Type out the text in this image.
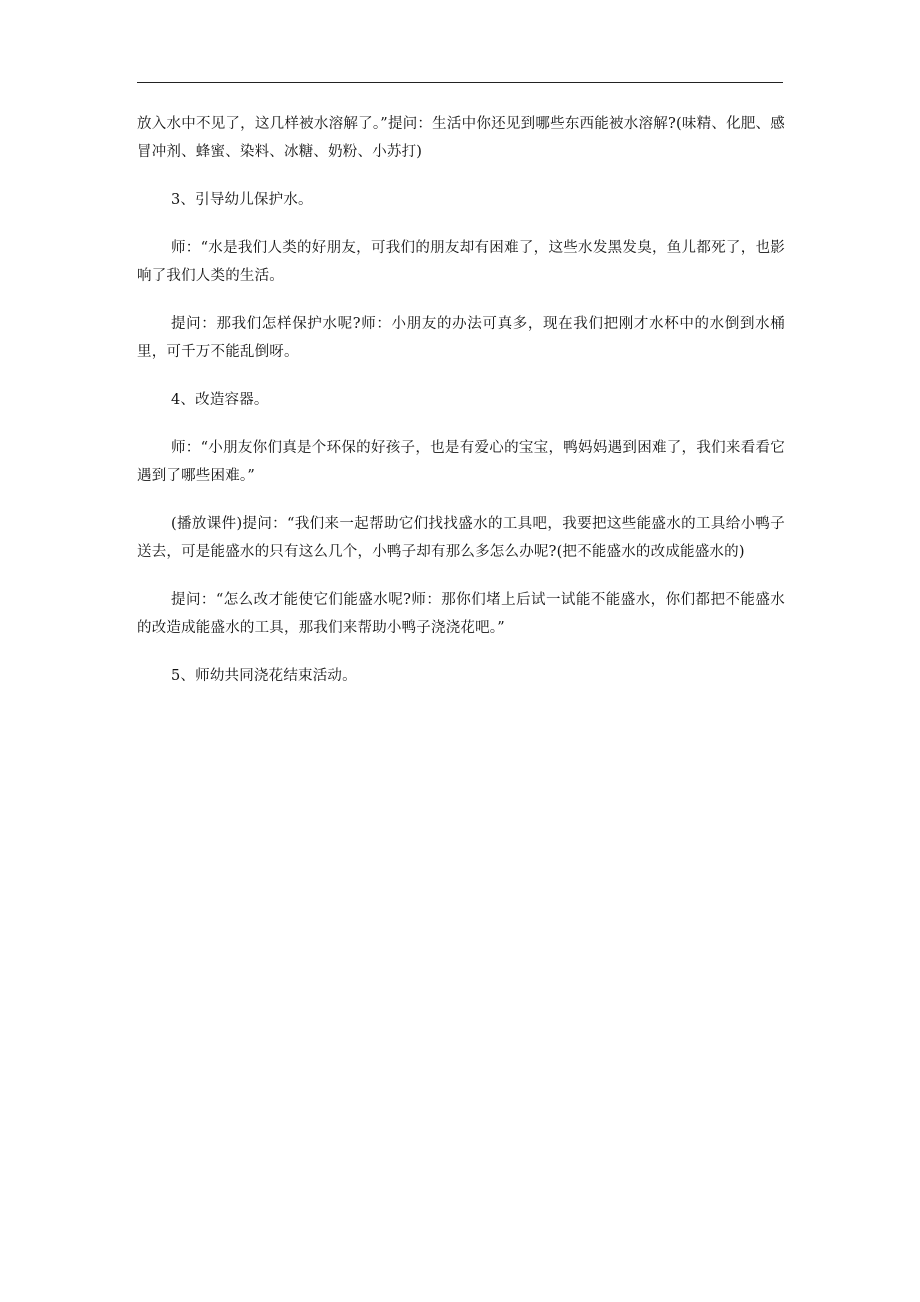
放入水中不见了，这几样被水溶解了。”提问：生活中你还见到哪些东西能被水溶解?(味精、化肥、感冒冲剂、蜂蜜、染料、冰糖、奶粉、小苏打)

3、引导幼儿保护水。

师：“水是我们人类的好朋友，可我们的朋友却有困难了，这些水发黑发臭，鱼儿都死了，也影响了我们人类的生活。

提问：那我们怎样保护水呢?师：小朋友的办法可真多，现在我们把刚才水杯中的水倒到水桶里，可千万不能乱倒呀。

4、改造容器。

师：“小朋友你们真是个环保的好孩子，也是有爱心的宝宝，鸭妈妈遇到困难了，我们来看看它遇到了哪些困难。”

(播放课件)提问：“我们来一起帮助它们找找盛水的工具吧，我要把这些能盛水的工具给小鸭子送去，可是能盛水的只有这么几个，小鸭子却有那么多怎么办呢?(把不能盛水的改成能盛水的)

提问：“怎么改才能使它们能盛水呢?师：那你们堵上后试一试能不能盛水，你们都把不能盛水的改造成能盛水的工具，那我们来帮助小鸭子浇浇花吧。”

5、师幼共同浇花结束活动。
